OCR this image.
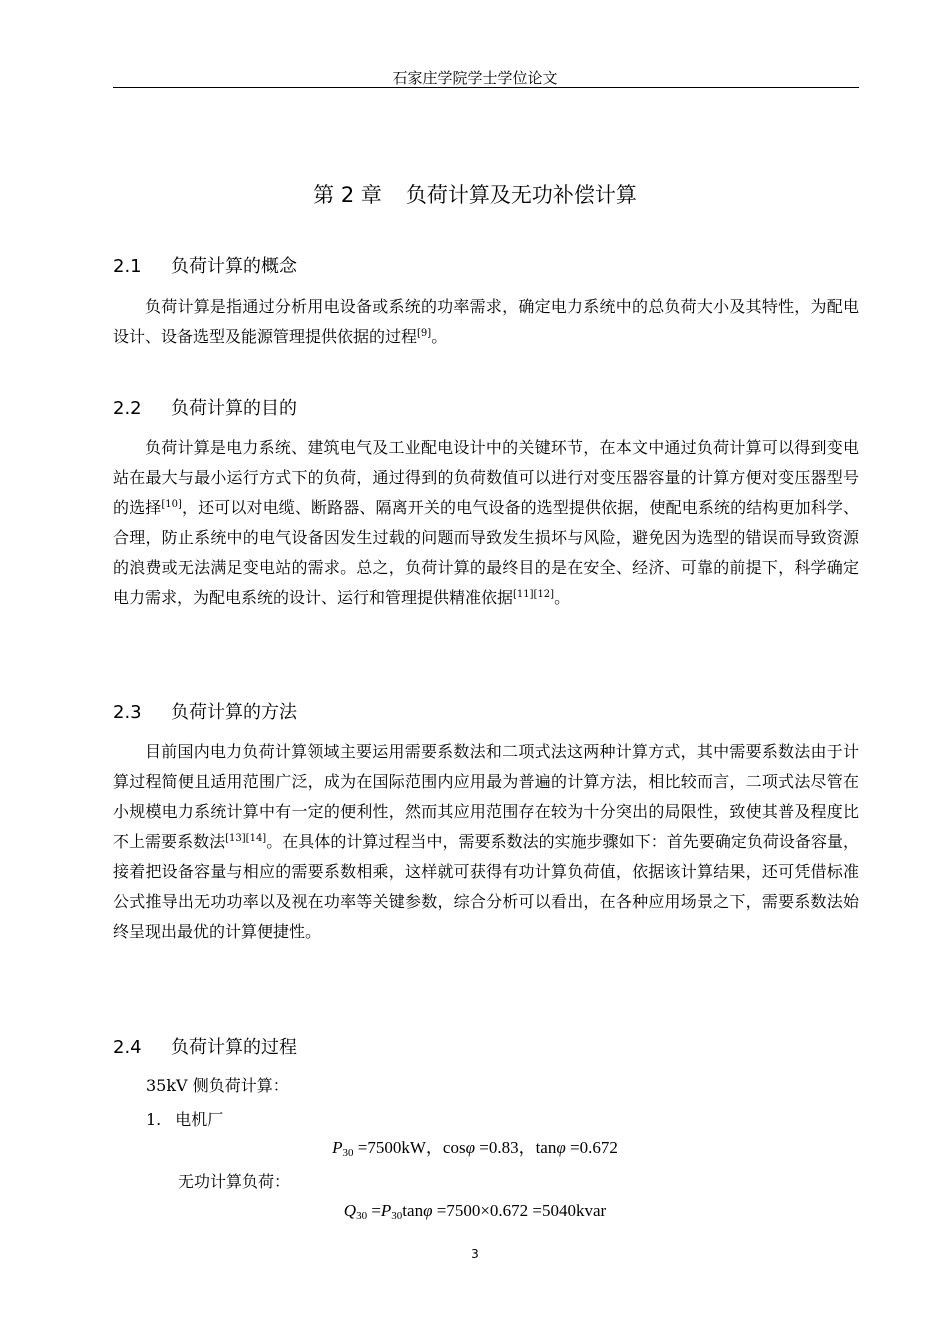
石家庄学院学士学位论文
第 2 章 负荷计算及无功补偿计算
2.1 负荷计算的概念

负荷计算是指通过分析用电设备或系统的功率需求，确定电力系统中的总负荷大小及其特性，为配电设计、设备选型及能源管理提供依据的过程[9]。

2.2 负荷计算的目的

负荷计算是电力系统、建筑电气及工业配电设计中的关键环节，在本文中通过负荷计算可以得到变电站在最大与最小运行方式下的负荷，通过得到的负荷数值可以进行对变压器容量的计算方便对变压器型号的选择[10]，还可以对电缆、断路器、隔离开关的电气设备的选型提供依据，使配电系统的结构更加科学、合理，防止系统中的电气设备因发生过载的问题而导致发生损坏与风险，避免因为选型的错误而导致资源的浪费或无法满足变电站的需求。总之，负荷计算的最终目的是在安全、经济、可靠的前提下，科学确定电力需求，为配电系统的设计、运行和管理提供精准依据[11][12]。

2.3 负荷计算的方法

目前国内电力负荷计算领域主要运用需要系数法和二项式法这两种计算方式，其中需要系数法由于计算过程简便且适用范围广泛，成为在国际范围内应用最为普遍的计算方法，相比较而言，二项式法尽管在小规模电力系统计算中有一定的便利性，然而其应用范围存在较为十分突出的局限性，致使其普及程度比不上需要系数法[13][14]。在具体的计算过程当中，需要系数法的实施步骤如下：首先要确定负荷设备容量，接着把设备容量与相应的需要系数相乘，这样就可获得有功计算负荷值，依据该计算结果，还可凭借标准公式推导出无功功率以及视在功率等关键参数，综合分析可以看出，在各种应用场景之下，需要系数法始终呈现出最优的计算便捷性。

2.4 负荷计算的过程
35kV 侧负荷计算：
1. 电机厂
$P_{30} =7500kW$，cosφ =0.83，tanφ =0.672
无功计算负荷：
$Q_{30} =P_{30}\tan\varphi =7500\times 0.672$ =5040kvar
3
